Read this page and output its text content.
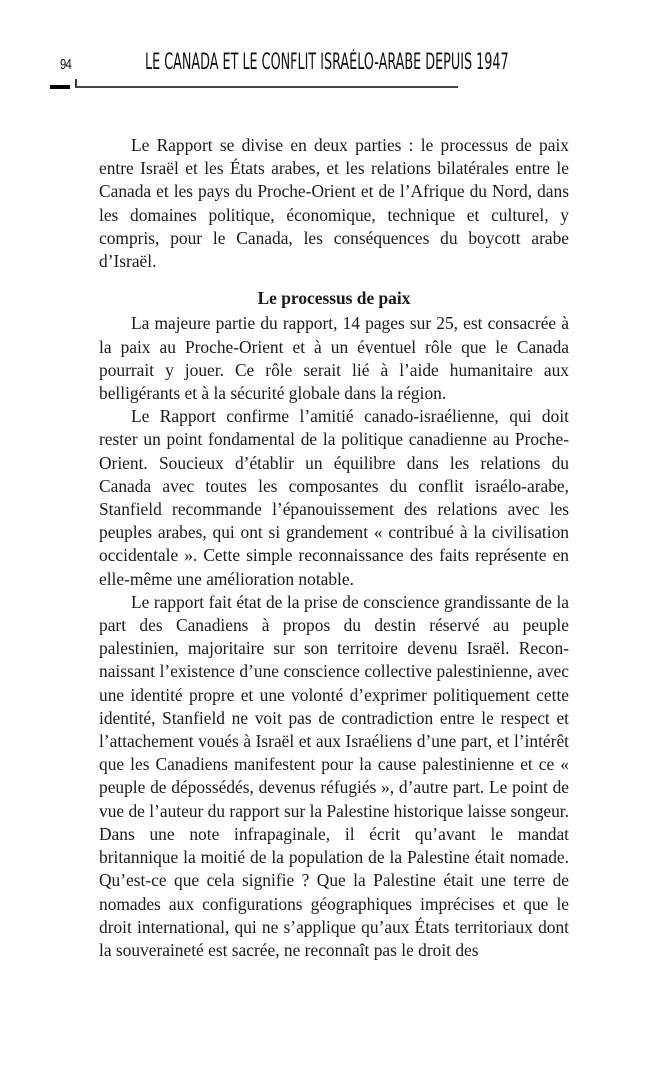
94	LE CANADA ET LE CONFLIT ISRAÉLO-ARABE DEPUIS 1947

Le Rapport se divise en deux parties : le processus de paix entre Israël et les États arabes, et les relations bilatérales entre le Canada et les pays du Proche-Orient et de l’Afrique du Nord, dans les domaines politique, économique, technique et culturel, y compris, pour le Canada, les conséquences du boycott arabe d’Israël.

Le processus de paix

La majeure partie du rapport, 14 pages sur 25, est consacrée à la paix au Proche-Orient et à un éventuel rôle que le Canada pourrait y jouer. Ce rôle serait lié à l’aide humanitaire aux belligérants et à la sécurité globale dans la région.

Le Rapport confirme l’amitié canado-israélienne, qui doit rester un point fondamental de la politique canadienne au Proche-Orient. Soucieux d’établir un équilibre dans les relations du Canada avec toutes les composantes du conflit israélo-arabe, Stanfield recommande l’épanouissement des relations avec les peuples arabes, qui ont si grandement « contribué à la civilisation occidentale ». Cette simple reconnaissance des faits représente en elle-même une amélioration notable.

Le rapport fait état de la prise de conscience grandissante de la part des Canadiens à propos du destin réservé au peuple palestinien, majoritaire sur son territoire devenu Israël. Reconnaissant l’existence d’une conscience collective palestinienne, avec une identité propre et une volonté d’exprimer politiquement cette identité, Stanfield ne voit pas de contradiction entre le respect et l’attachement voués à Israël et aux Israéliens d’une part, et l’intérêt que les Canadiens manifestent pour la cause palestinienne et ce « peuple de dépossédés, devenus réfugiés », d’autre part. Le point de vue de l’auteur du rapport sur la Palestine historique laisse songeur. Dans une note infrapaginale, il écrit qu’avant le mandat britannique la moitié de la population de la Palestine était nomade. Qu’est-ce que cela signifie ? Que la Palestine était une terre de nomades aux configurations géographiques imprécises et que le droit international, qui ne s’applique qu’aux États territoriaux dont la souveraineté est sacrée, ne reconnaît pas le droit des
